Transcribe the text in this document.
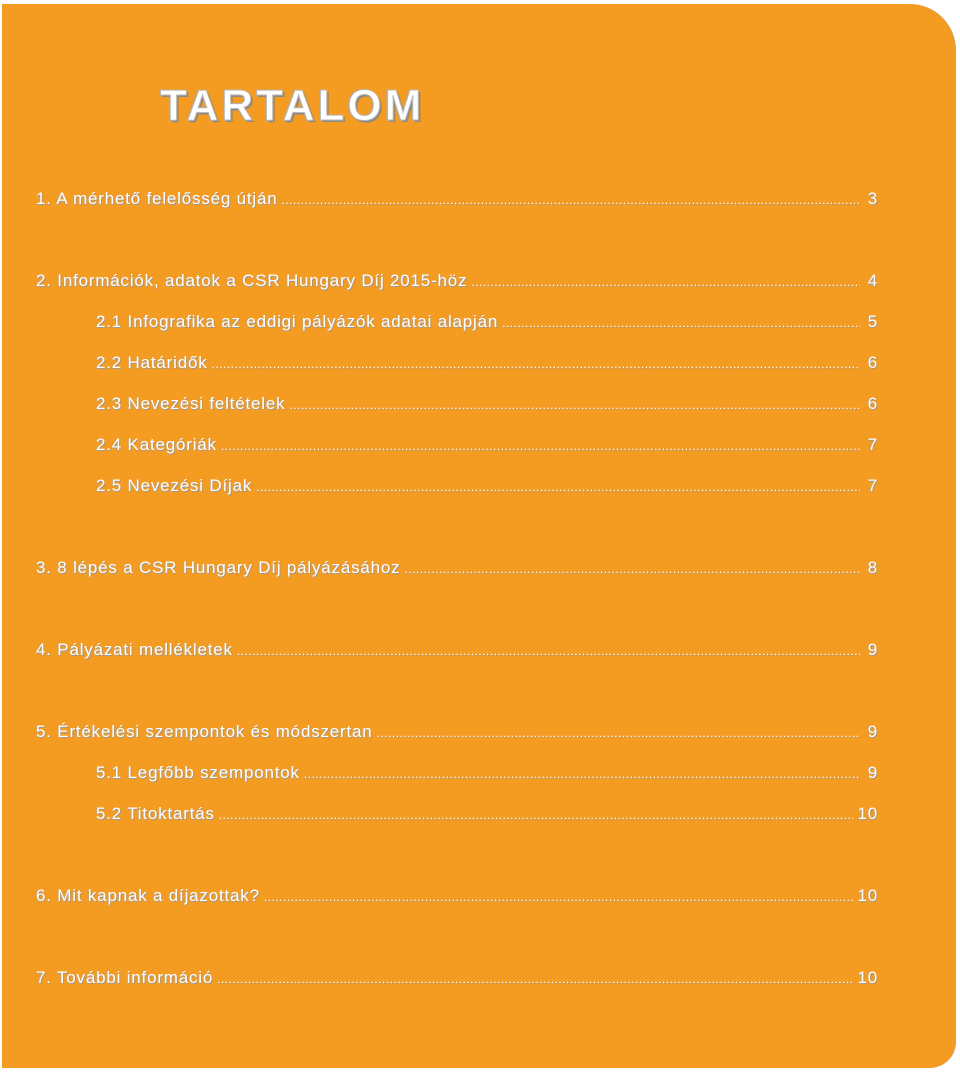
TARTALOM
1. A mérhető felelősség útján .....	3
2. Információk, adatok a CSR Hungary Díj 2015-höz .....	4
2.1 Infografika az eddigi pályázók adatai alapján .....	5
2.2 Határidők .....	6
2.3 Nevezési feltételek .....	6
2.4 Kategóriák .....	7
2.5 Nevezési Díjak .....	7
3. 8 lépés a CSR Hungary Díj pályázásához .....	8
4. Pályázati mellékletek .....	9
5. Értékelési szempontok és módszertan .....	9
5.1 Legfőbb szempontok .....	9
5.2 Titoktartás .....	10
6. Mit kapnak a díjazottak? .....	10
7. További információ .....	10
